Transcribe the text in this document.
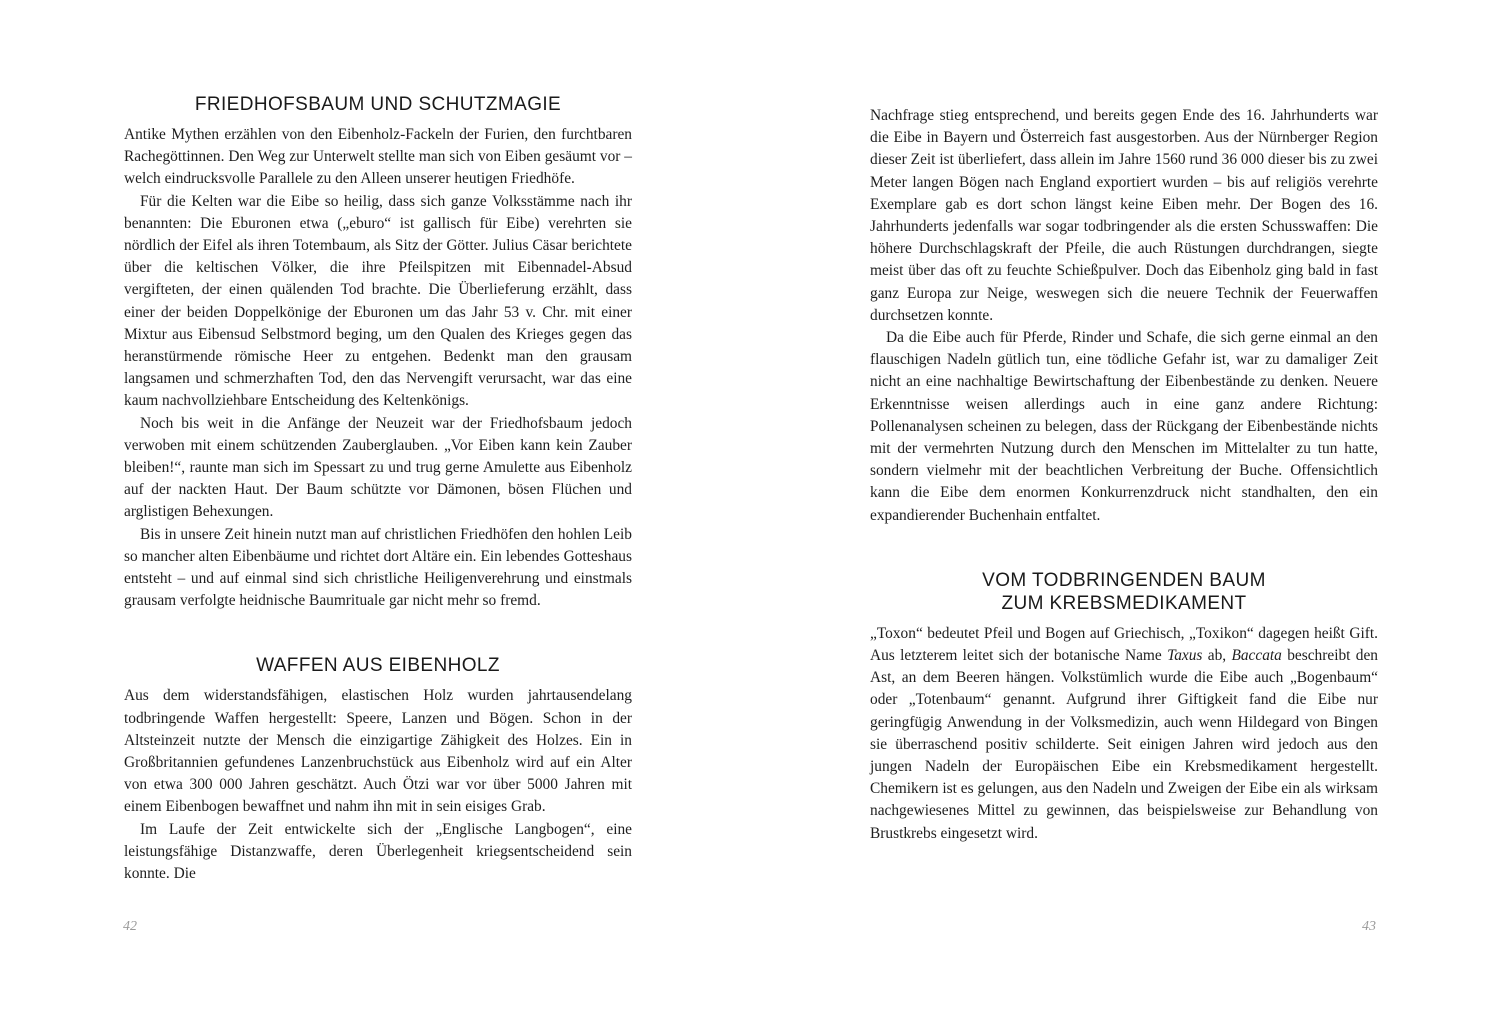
FRIEDHOFSBAUM UND SCHUTZMAGIE

Antike Mythen erzählen von den Eibenholz-Fackeln der Furien, den furchtbaren Rachegöttinnen. Den Weg zur Unterwelt stellte man sich von Eiben gesäumt vor – welch eindrucksvolle Parallele zu den Alleen unserer heutigen Friedhöfe.

Für die Kelten war die Eibe so heilig, dass sich ganze Volksstämme nach ihr benannten: Die Eburonen etwa („eburo“ ist gallisch für Eibe) verehrten sie nördlich der Eifel als ihren Totembaum, als Sitz der Götter. Julius Cäsar berichtete über die keltischen Völker, die ihre Pfeilspitzen mit Eibennadel-Absud vergifteten, der einen quälenden Tod brachte. Die Überlieferung erzählt, dass einer der beiden Doppelkönige der Eburonen um das Jahr 53 v. Chr. mit einer Mixtur aus Eibensud Selbstmord beging, um den Qualen des Krieges gegen das heranstürmende römische Heer zu entgehen. Bedenkt man den grausam langsamen und schmerzhaften Tod, den das Nervengift verursacht, war das eine kaum nachvollziehbare Entscheidung des Keltenkönigs.

Noch bis weit in die Anfänge der Neuzeit war der Friedhofsbaum jedoch verwoben mit einem schützenden Zauberglauben. „Vor Eiben kann kein Zauber bleiben!“, raunte man sich im Spessart zu und trug gerne Amulette aus Eibenholz auf der nackten Haut. Der Baum schützte vor Dämonen, bösen Flüchen und arglistigen Behexungen.

Bis in unsere Zeit hinein nutzt man auf christlichen Friedhöfen den hohlen Leib so mancher alten Eibenbäume und richtet dort Altäre ein. Ein lebendes Gotteshaus entsteht – und auf einmal sind sich christliche Heiligenverehrung und einstmals grausam verfolgte heidnische Baumrituale gar nicht mehr so fremd.

WAFFEN AUS EIBENHOLZ

Aus dem widerstandsfähigen, elastischen Holz wurden jahrtausendelang todbringende Waffen hergestellt: Speere, Lanzen und Bögen. Schon in der Altsteinzeit nutzte der Mensch die einzigartige Zähigkeit des Holzes. Ein in Großbritannien gefundenes Lanzenbruchstück aus Eibenholz wird auf ein Alter von etwa 300 000 Jahren geschätzt. Auch Ötzi war vor über 5000 Jahren mit einem Eibenbogen bewaffnet und nahm ihn mit in sein eisiges Grab.

Im Laufe der Zeit entwickelte sich der „Englische Langbogen“, eine leistungsfähige Distanzwaffe, deren Überlegenheit kriegsentscheidend sein konnte. Die

42

Nachfrage stieg entsprechend, und bereits gegen Ende des 16. Jahrhunderts war die Eibe in Bayern und Österreich fast ausgestorben. Aus der Nürnberger Region dieser Zeit ist überliefert, dass allein im Jahre 1560 rund 36 000 dieser bis zu zwei Meter langen Bögen nach England exportiert wurden – bis auf religiös verehrte Exemplare gab es dort schon längst keine Eiben mehr. Der Bogen des 16. Jahrhunderts jedenfalls war sogar todbringender als die ersten Schusswaffen: Die höhere Durchschlagskraft der Pfeile, die auch Rüstungen durchdrangen, siegte meist über das oft zu feuchte Schießpulver. Doch das Eibenholz ging bald in fast ganz Europa zur Neige, weswegen sich die neuere Technik der Feuerwaffen durchsetzen konnte.

Da die Eibe auch für Pferde, Rinder und Schafe, die sich gerne einmal an den flauschigen Nadeln gütlich tun, eine tödliche Gefahr ist, war zu damaliger Zeit nicht an eine nachhaltige Bewirtschaftung der Eibenbestände zu denken. Neuere Erkenntnisse weisen allerdings auch in eine ganz andere Richtung: Pollenanalysen scheinen zu belegen, dass der Rückgang der Eibenbestände nichts mit der vermehrten Nutzung durch den Menschen im Mittelalter zu tun hatte, sondern vielmehr mit der beachtlichen Verbreitung der Buche. Offensichtlich kann die Eibe dem enormen Konkurrenzdruck nicht standhalten, den ein expandierender Buchenhain entfaltet.

VOM TODBRINGENDEN BAUM
ZUM KREBSMEDIKAMENT

„Toxon“ bedeutet Pfeil und Bogen auf Griechisch, „Toxikon“ dagegen heißt Gift. Aus letzterem leitet sich der botanische Name Taxus ab, Baccata beschreibt den Ast, an dem Beeren hängen. Volkstümlich wurde die Eibe auch „Bogenbaum“ oder „Totenbaum“ genannt. Aufgrund ihrer Giftigkeit fand die Eibe nur geringfügig Anwendung in der Volksmedizin, auch wenn Hildegard von Bingen sie überraschend positiv schilderte. Seit einigen Jahren wird jedoch aus den jungen Nadeln der Europäischen Eibe ein Krebsmedikament hergestellt. Chemikern ist es gelungen, aus den Nadeln und Zweigen der Eibe ein als wirksam nachgewiesenes Mittel zu gewinnen, das beispielsweise zur Behandlung von Brustkrebs eingesetzt wird.

43
